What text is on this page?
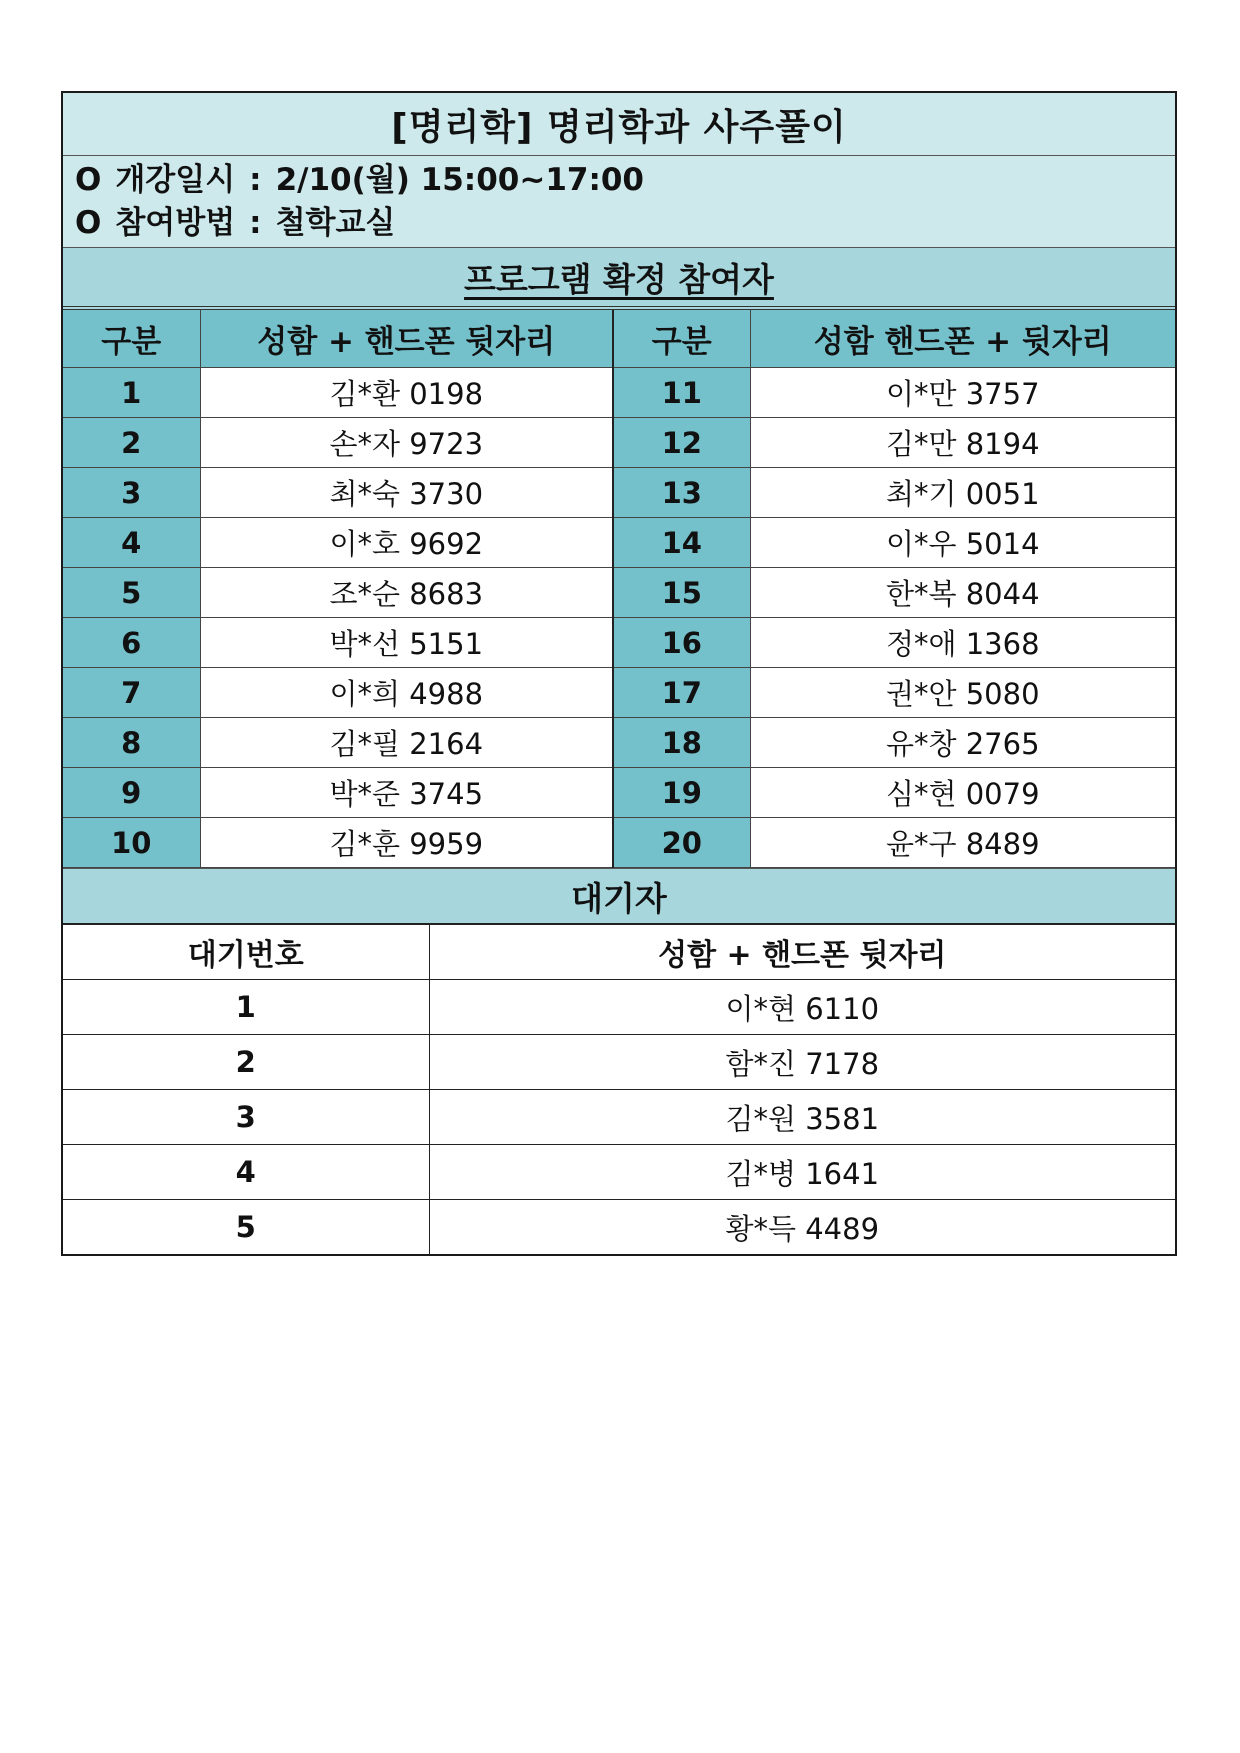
[명리학] 명리학과 사주풀이
O 개강일시 : 2/10(월) 15:00~17:00
O 참여방법 : 철학교실
프로그램 확정 참여자
구분	성함 + 핸드폰 뒷자리	구분	성함 핸드폰 + 뒷자리
1	김*환 0198	11	이*만 3757
2	손*자 9723	12	김*만 8194
3	최*숙 3730	13	최*기 0051
4	이*호 9692	14	이*우 5014
5	조*순 8683	15	한*복 8044
6	박*선 5151	16	정*애 1368
7	이*희 4988	17	권*안 5080
8	김*필 2164	18	유*창 2765
9	박*준 3745	19	심*현 0079
10	김*훈 9959	20	윤*구 8489
대기자
대기번호	성함 + 핸드폰 뒷자리
1	이*현 6110
2	함*진 7178
3	김*원 3581
4	김*병 1641
5	황*득 4489
